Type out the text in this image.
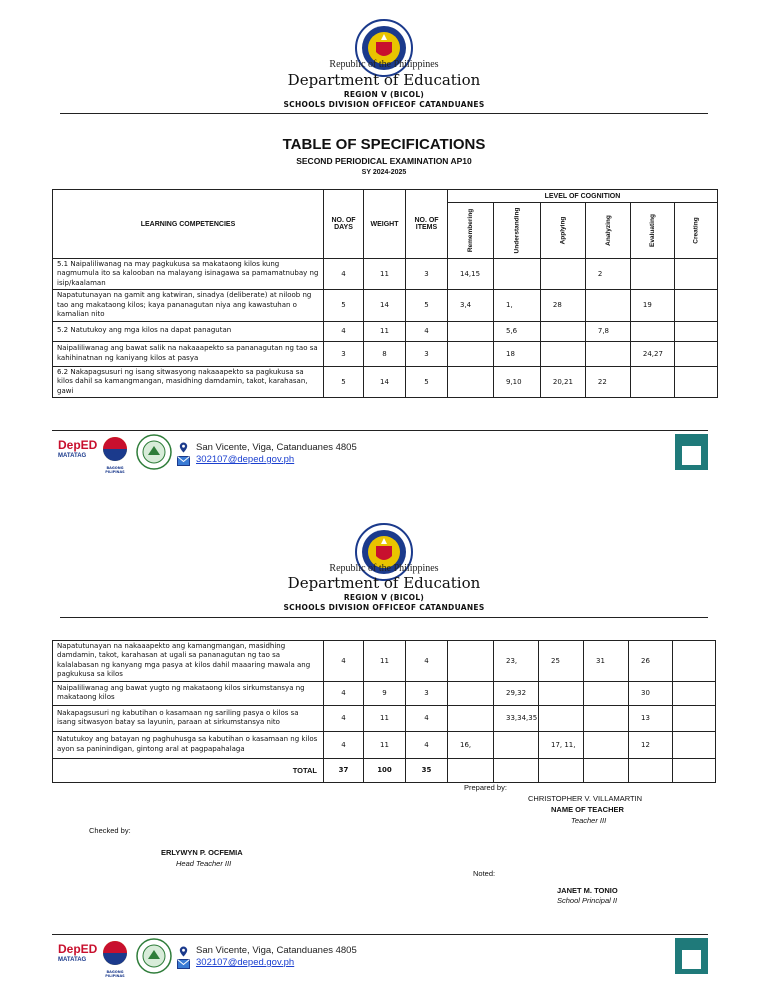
Republic of the Philippines
Department of Education
REGION V (BICOL)
SCHOOLS DIVISION OFFICEOF CATANDUANES
TABLE OF SPECIFICATIONS
SECOND PERIODICAL EXAMINATION AP10
SY 2024-2025
LEARNING COMPETENCIES	NO. OF DAYS	WEIGHT	NO. OF ITEMS	LEVEL OF COGNITION					
				Remembering	Understanding	Applying	Analyzing	Evaluating	Creating
5.1 Naipaliliwanag na may pagkukusa sa makataong kilos kung nagmumula ito sa kalooban na malayang isinagawa sa pamamatnubay ng isip/kaalaman	4	11	3	14,15			2		
Napatutunayan na gamit ang katwiran, sinadya (deliberate) at niloob ng tao ang makataong kilos; kaya pananagutan niya ang kawastuhan o kamalian nito	5	14	5	3,4	1,	28		19	
5.2 Natutukoy ang mga kilos na dapat panagutan	4	11	4		5,6		7,8		
Naipaliliwanag ang bawat salik na nakaaapekto sa pananagutan ng tao sa kahihinatnan ng kaniyang kilos at pasya	3	8	3		18			24,27	
6.2 Nakapagsusuri ng isang sitwasyong nakaaapekto sa pagkukusa sa kilos dahil sa kamangmangan, masidhing damdamin, takot, karahasan, gawi	5	14	5		9,10	20,21	22		
DepED
MATATAG
BAGONG PILIPINAS
San Vicente, Viga, Catanduanes 4805
302107@deped.gov.ph
Republic of the Philippines
Department of Education
REGION V (BICOL)
SCHOOLS DIVISION OFFICEOF CATANDUANES
Napatutunayan na nakaaapekto ang kamangmangan, masidhing damdamin, takot, karahasan at ugali sa pananagutan ng tao sa kalalabasan ng kanyang mga pasya at kilos dahil maaaring mawala ang pagkukusa sa kilos	4	11	4		23,	25	31	26	
Naipaliliwanag ang bawat yugto ng makataong kilos sirkumstansya ng makataong kilos	4	9	3		29,32			30	
Nakapagsusuri ng kabutihan o kasamaan ng sariling pasya o kilos sa isang sitwasyon batay sa layunin, paraan at sirkumstansya nito	4	11	4		33,34,35			13	
Natutukoy ang batayan ng paghuhusga sa kabutihan o kasamaan ng kilos ayon sa paninindigan, gintong aral at pagpapahalaga	4	11	4	16,		17, 11,		12	
TOTAL	37	100	35						
Prepared by:
CHRISTOPHER V. VILLAMARTIN
NAME OF TEACHER
Teacher III
Checked by:
ERLYWYN P. OCFEMIA
Head Teacher III
Noted:
JANET M. TONIO
School Principal II
DepED
MATATAG
BAGONG PILIPINAS
San Vicente, Viga, Catanduanes 4805
302107@deped.gov.ph
